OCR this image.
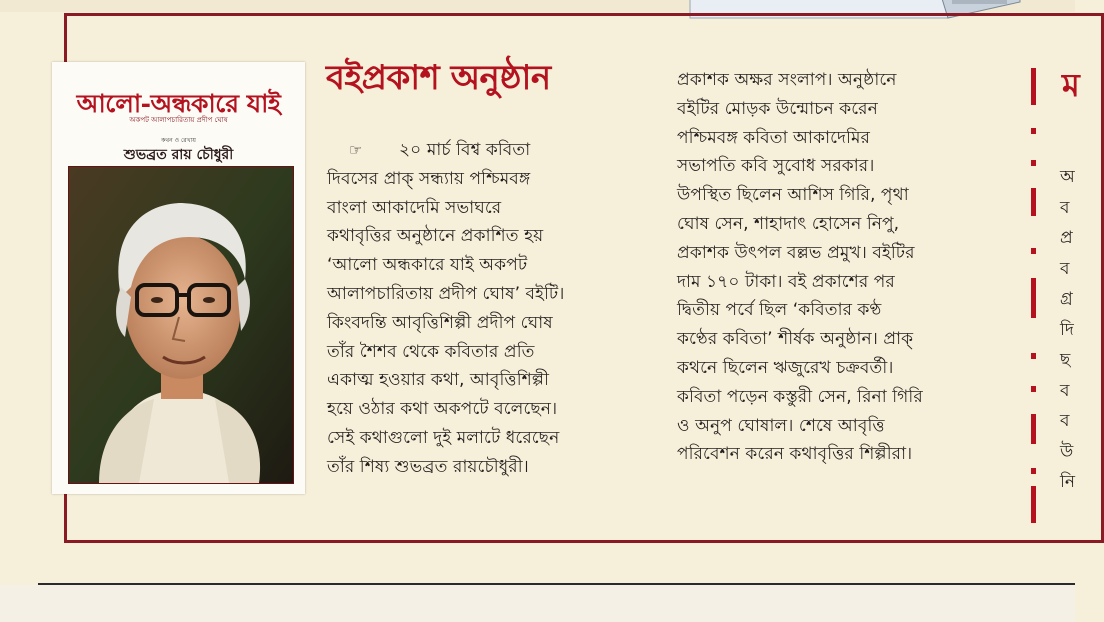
আলো-অন্ধকারে যাই
অকপট আলাপচারিতায় প্রদীপ ঘোষ
কথন ও রেখায়
শুভব্রত রায় চৌধুরী
বইপ্রকাশ অনুষ্ঠান
☞ ২০ মার্চ বিশ্ব কবিতা
দিবসের প্রাক্ সন্ধ্যায় পশ্চিমবঙ্গ
বাংলা আকাদেমি সভাঘরে
কথাবৃত্তির অনুষ্ঠানে প্রকাশিত হয়
‘আলো অন্ধকারে যাই অকপট
আলাপচারিতায় প্রদীপ ঘোষ’ বইটি।
কিংবদন্তি আবৃত্তিশিল্পী প্রদীপ ঘোষ
তাঁর শৈশব থেকে কবিতার প্রতি
একাত্ম হওয়ার কথা, আবৃত্তিশিল্পী
হয়ে ওঠার কথা অকপটে বলেছেন।
সেই কথাগুলো দুই মলাটে ধরেছেন
তাঁর শিষ্য শুভব্রত রায়চৌধুরী।
প্রকাশক অক্ষর সংলাপ। অনুষ্ঠানে
বইটির মোড়ক উন্মোচন করেন
পশ্চিমবঙ্গ কবিতা আকাদেমির
সভাপতি কবি সুবোধ সরকার।
উপস্থিত ছিলেন আশিস গিরি, পৃথা
ঘোষ সেন, শাহাদাৎ হোসেন নিপু,
প্রকাশক উৎপল বল্লভ প্রমুখ। বইটির
দাম ১৭০ টাকা। বই প্রকাশের পর
দ্বিতীয় পর্বে ছিল ‘কবিতার কণ্ঠ
কণ্ঠের কবিতা’ শীর্ষক অনুষ্ঠান। প্রাক্
কথনে ছিলেন ঋজুরেখ চক্রবর্তী।
কবিতা পড়েন কস্তুরী সেন, রিনা গিরি
ও অনুপ ঘোষাল। শেষে আবৃত্তি
পরিবেশন করেন কথাবৃত্তির শিল্পীরা।
ম
অ
ব
প্র
ব
গ্র
দি
ছ
ব
ব
উ
নি
